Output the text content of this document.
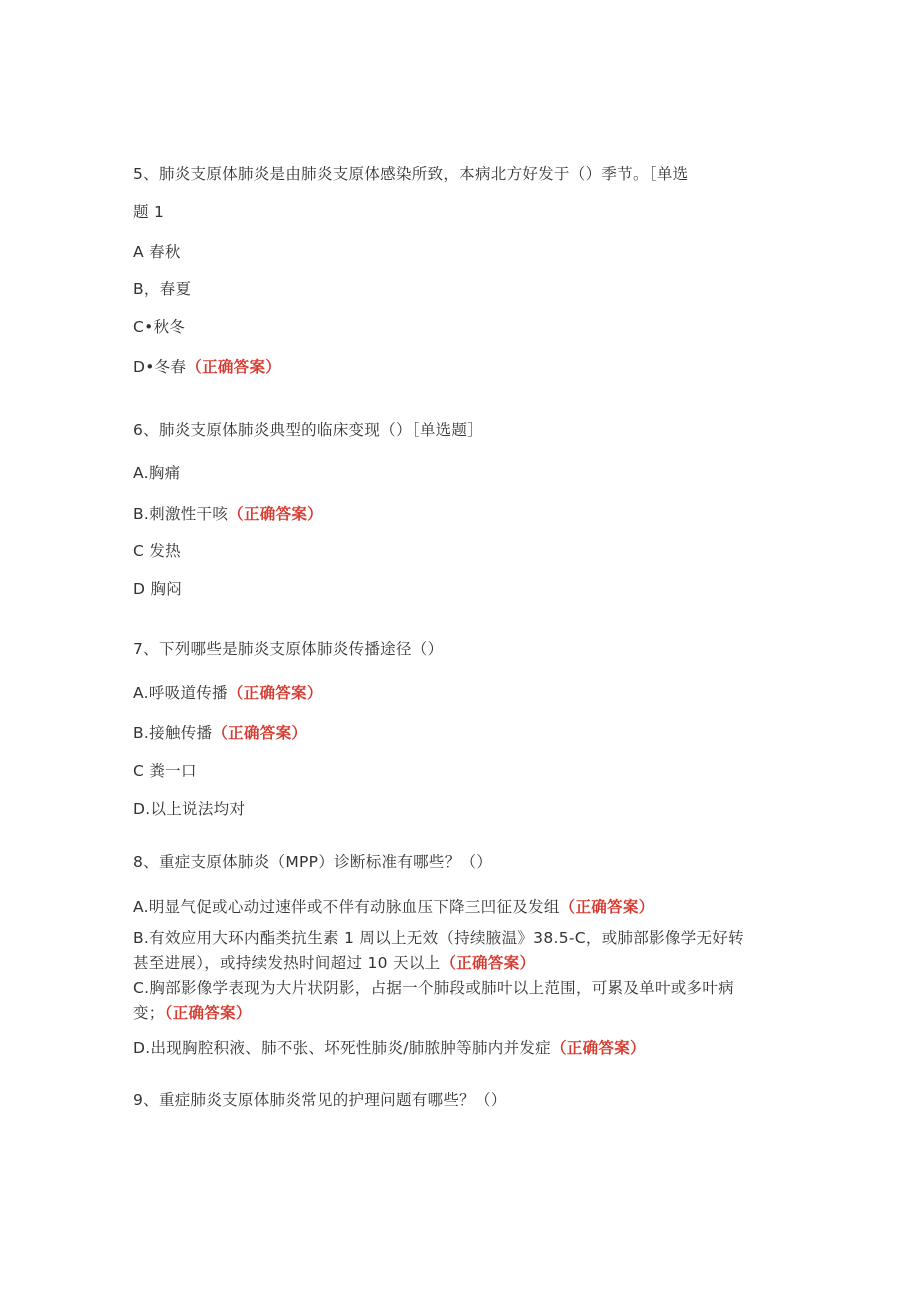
5、肺炎支原体肺炎是由肺炎支原体感染所致，本病北方好发于（）季节。［单选
题 1
A 春秋
B，春夏
C•秋冬
D•冬春（正确答案）
6、肺炎支原体肺炎典型的临床变现（）［单选题］
A.胸痛
B.刺激性干咳（正确答案）
C 发热
D 胸闷
7、下列哪些是肺炎支原体肺炎传播途径（）
A.呼吸道传播（正确答案）
B.接触传播（正确答案）
C 粪一口
D.以上说法均对
8、重症支原体肺炎（MPP）诊断标准有哪些？（）
A.明显气促或心动过速伴或不伴有动脉血压下降三凹征及发组（正确答案）
B.有效应用大环内酯类抗生素 1 周以上无效（持续腋温》38.5-C，或肺部影像学无好转
甚至进展），或持续发热时间超过 10 天以上（正确答案）
C.胸部影像学表现为大片状阴影，占据一个肺段或肺叶以上范围，可累及单叶或多叶病
变；（正确答案）
D.出现胸腔积液、肺不张、坏死性肺炎/肺脓肿等肺内并发症（正确答案）
9、重症肺炎支原体肺炎常见的护理问题有哪些？（）
